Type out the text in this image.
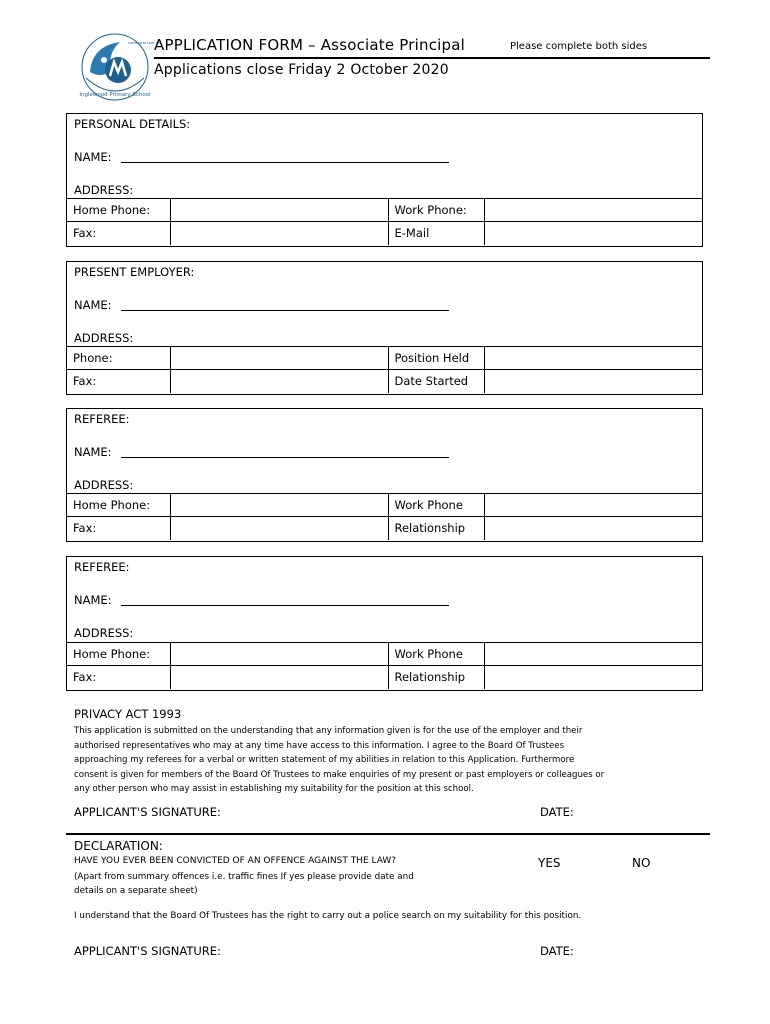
Inglewood Primary School
Learning to Love Life
APPLICATION FORM – Associate Principal	Please complete both sides
Applications close Friday 2 October 2020
PERSONAL DETAILS:
NAME:
ADDRESS:
Home Phone:		Work Phone:	
Fax:		E-Mail	
PRESENT EMPLOYER:
NAME:
ADDRESS:
Phone:		Position Held	
Fax:		Date Started	
REFEREE:
NAME:
ADDRESS:
Home Phone:		Work Phone	
Fax:		Relationship	
REFEREE:
NAME:
ADDRESS:
Home Phone:		Work Phone	
Fax:		Relationship	
PRIVACY ACT 1993
This application is submitted on the understanding that any information given is for the use of the employer and their
authorised representatives who may at any time have access to this information. I agree to the Board Of Trustees
approaching my referees for a verbal or written statement of my abilities in relation to this Application. Furthermore
consent is given for members of the Board Of Trustees to make enquiries of my present or past employers or colleagues or
any other person who may assist in establishing my suitability for the position at this school.
APPLICANT'S SIGNATURE:	DATE:
DECLARATION:
HAVE YOU EVER BEEN CONVICTED OF AN OFFENCE AGAINST THE LAW?	YES	NO
(Apart from summary offences i.e. traffic fines If yes please provide date and
details on a separate sheet)
I understand that the Board Of Trustees has the right to carry out a police search on my suitability for this position.
APPLICANT'S SIGNATURE:	DATE:
